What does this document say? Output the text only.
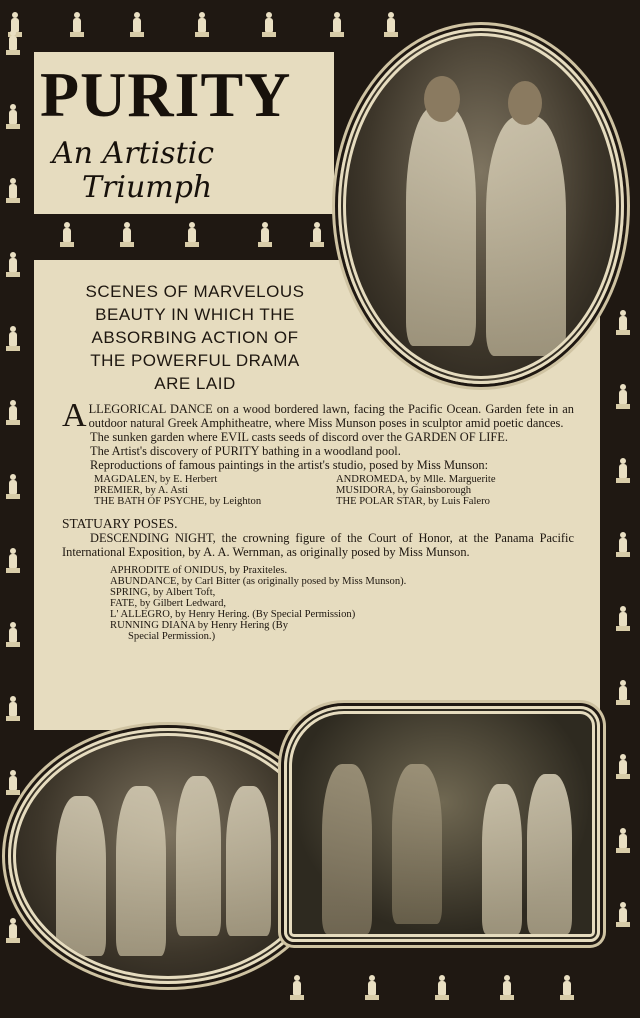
PURITY
An Artistic
Triumph
SCENES OF MARVELOUS
BEAUTY IN WHICH THE
ABSORBING ACTION OF
THE POWERFUL DRAMA
ARE LAID

ALLEGORICAL DANCE on a wood bordered lawn, facing the Pacific Ocean. Garden fete in an outdoor natural Greek Amphitheatre, where Miss Munson poses in sculptor amid poetic dances.

The sunken garden where EVIL casts seeds of discord over the GARDEN OF LIFE.

The Artist's discovery of PURITY bathing in a woodland pool.

Reproductions of famous paintings in the artist's studio, posed by Miss Munson:

MAGDALEN, by E. Herbert
PREMIER, by A. Asti
THE BATH OF PSYCHE, by Leighton
ANDROMEDA, by Mlle. Marguerite
MUSIDORA, by Gainsborough
THE POLAR STAR, by Luis Falero

STATUARY POSES.

DESCENDING NIGHT, the crowning figure of the Court of Honor, at the Panama Pacific International Exposition, by A. A. Wernman, as originally posed by Miss Munson.

APHRODITE of ONIDUS, by Praxiteles.
ABUNDANCE, by Carl Bitter (as originally posed by Miss Munson).
SPRING, by Albert Toft,
FATE, by Gilbert Ledward,
L' ALLEGRO, by Henry Hering. (By Special Permission)
RUNNING DIANA by Henry Hering (By
Special Permission.)
